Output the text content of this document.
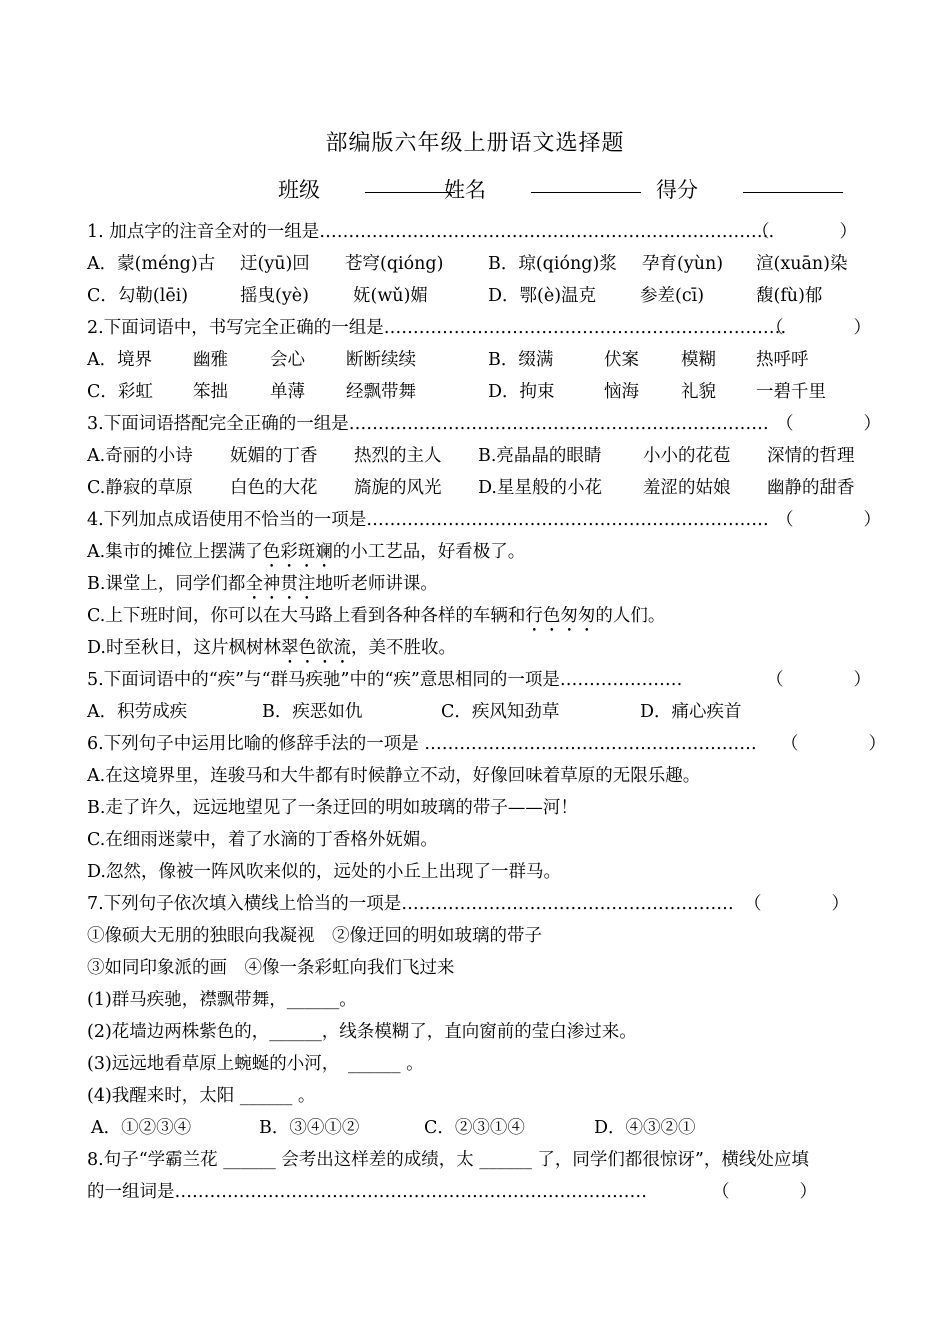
部编版六年级上册语文选择题
班级	姓名	得分
1. 加点字的注音全对的一组是……………………………………………………………………
（　　　　）
A．蒙(méng)古 迂(yū)回 苍穹(qióng)	B．琼(qióng)浆 孕育(yùn) 渲(xuān)染
C．勾勒(lēi)	摇曳(yè)	妩(wǔ)媚	D．鄂(è)温克	参差(cī)	馥(fù)郁
2.下面词语中，书写完全正确的一组是……………………………………………………………
（　　　　）
A．境界 幽雅 会心 断断续续	B．缀满	伏案 模糊 热呼呼
C．彩虹 笨拙 单薄 经飘带舞	D．拘束	恼海 礼貌 一碧千里
3.下面词语搭配完全正确的一组是……………………………………………………………… （　　　　）
A.奇丽的小诗 妩媚的丁香 热烈的主人 B.亮晶晶的眼睛 小小的花苞 深情的哲理
C.静寂的草原 白色的大花 旖旎的风光 D.星星般的小花 羞涩的姑娘 幽静的甜香
4.下列加点成语使用不恰当的一项是…………………………………………………………… （　　　　）
A.集市的摊位上摆满了色彩斑斓的小工艺品，好看极了。
B.课堂上，同学们都全神贯注地听老师讲课。
C.上下班时间，你可以在大马路上看到各种各样的车辆和行色匆匆的人们。
D.时至秋日，这片枫树林翠色欲流，美不胜收。
5.下面词语中的“疾”与“群马疾驰”中的“疾”意思相同的一项是…………………	（　　　　）
A．积劳成疾	B．疾恶如仇	C．疾风知劲草	D．痛心疾首
6.下列句子中运用比喻的修辞手法的一项是 ………………………………………………… （　　　　）
A.在这境界里，连骏马和大牛都有时候静立不动，好像回味着草原的无限乐趣。
B.走了许久，远远地望见了一条迂回的明如玻璃的带子——河！
C.在细雨迷蒙中，着了水滴的丁香格外妩媚。
D.忽然，像被一阵风吹来似的，远处的小丘上出现了一群马。
7.下列句子依次填入横线上恰当的一项是………………………………………………… （　　　　）
①像硕大无朋的独眼向我凝视　②像迂回的明如玻璃的带子
③如同印象派的画　④像一条彩虹向我们飞过来
(1)群马疾驰，襟飘带舞，______。
(2)花墙边两株紫色的，______，线条模糊了，直向窗前的莹白渗过来。
(3)远远地看草原上蜿蜒的小河，　______ 。
(4)我醒来时，太阳 ______ 。
A．①②③④	B．③④①②	C．②③①④	D．④③②①
8.句子“学霸兰花 ______ 会考出这样差的成绩，太 ______ 了，同学们都很惊讶”，横线处应填
的一组词是………………………………………………………………………	（　　　　）
